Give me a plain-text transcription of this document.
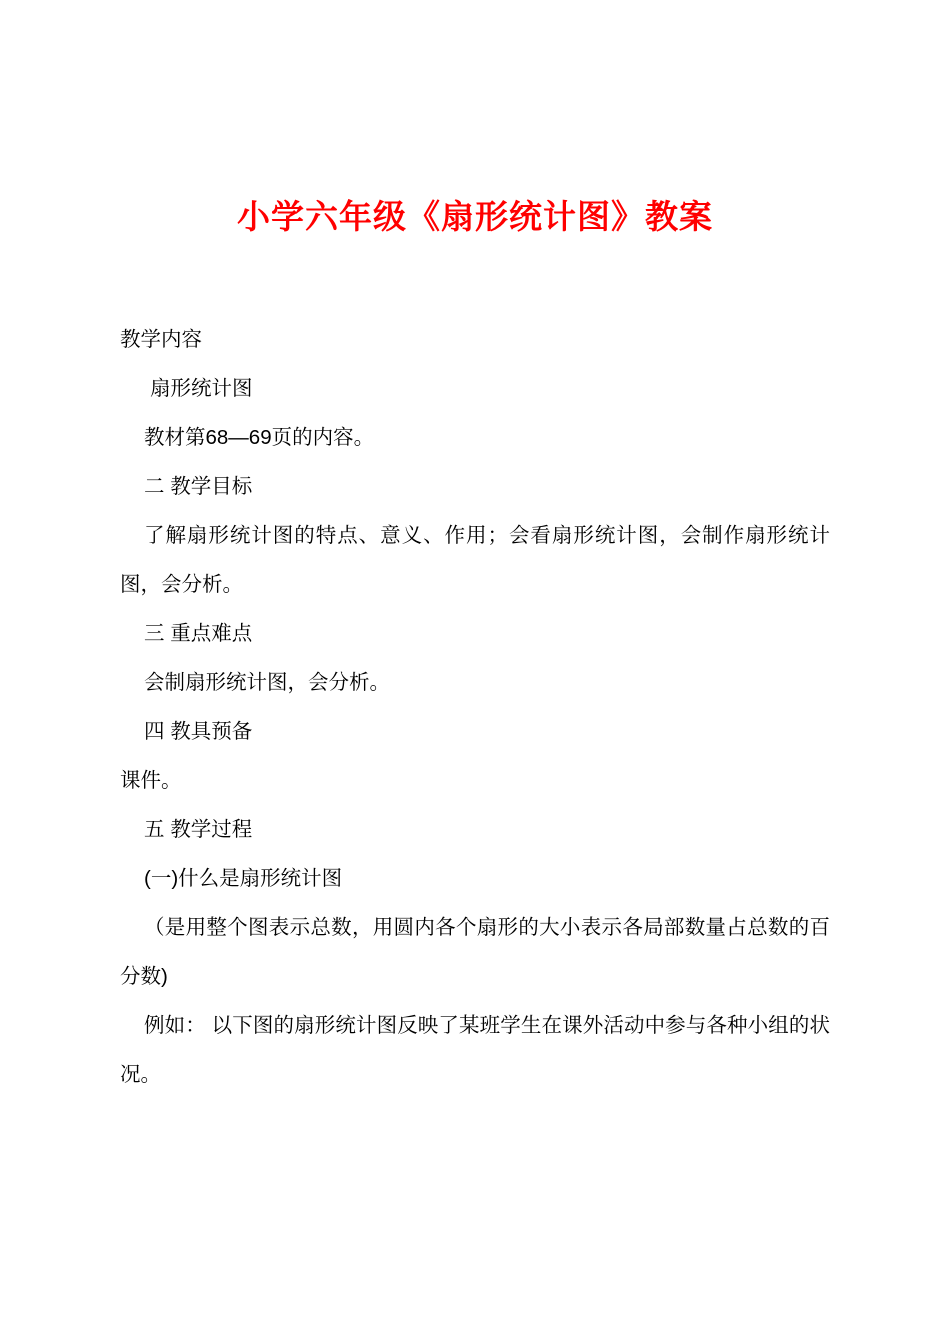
小学六年级《扇形统计图》教案

教学内容

扇形统计图

教材第68—69页的内容。

二 教学目标

了解扇形统计图的特点、意义、作用；会看扇形统计图，会制作扇形统计图，会分析。

三 重点难点

会制扇形统计图，会分析。

四 教具预备

课件。

五 教学过程

(一)什么是扇形统计图

（是用整个图表示总数，用圆内各个扇形的大小表示各局部数量占总数的百分数)

例如： 以下图的扇形统计图反映了某班学生在课外活动中参与各种小组的状况。
